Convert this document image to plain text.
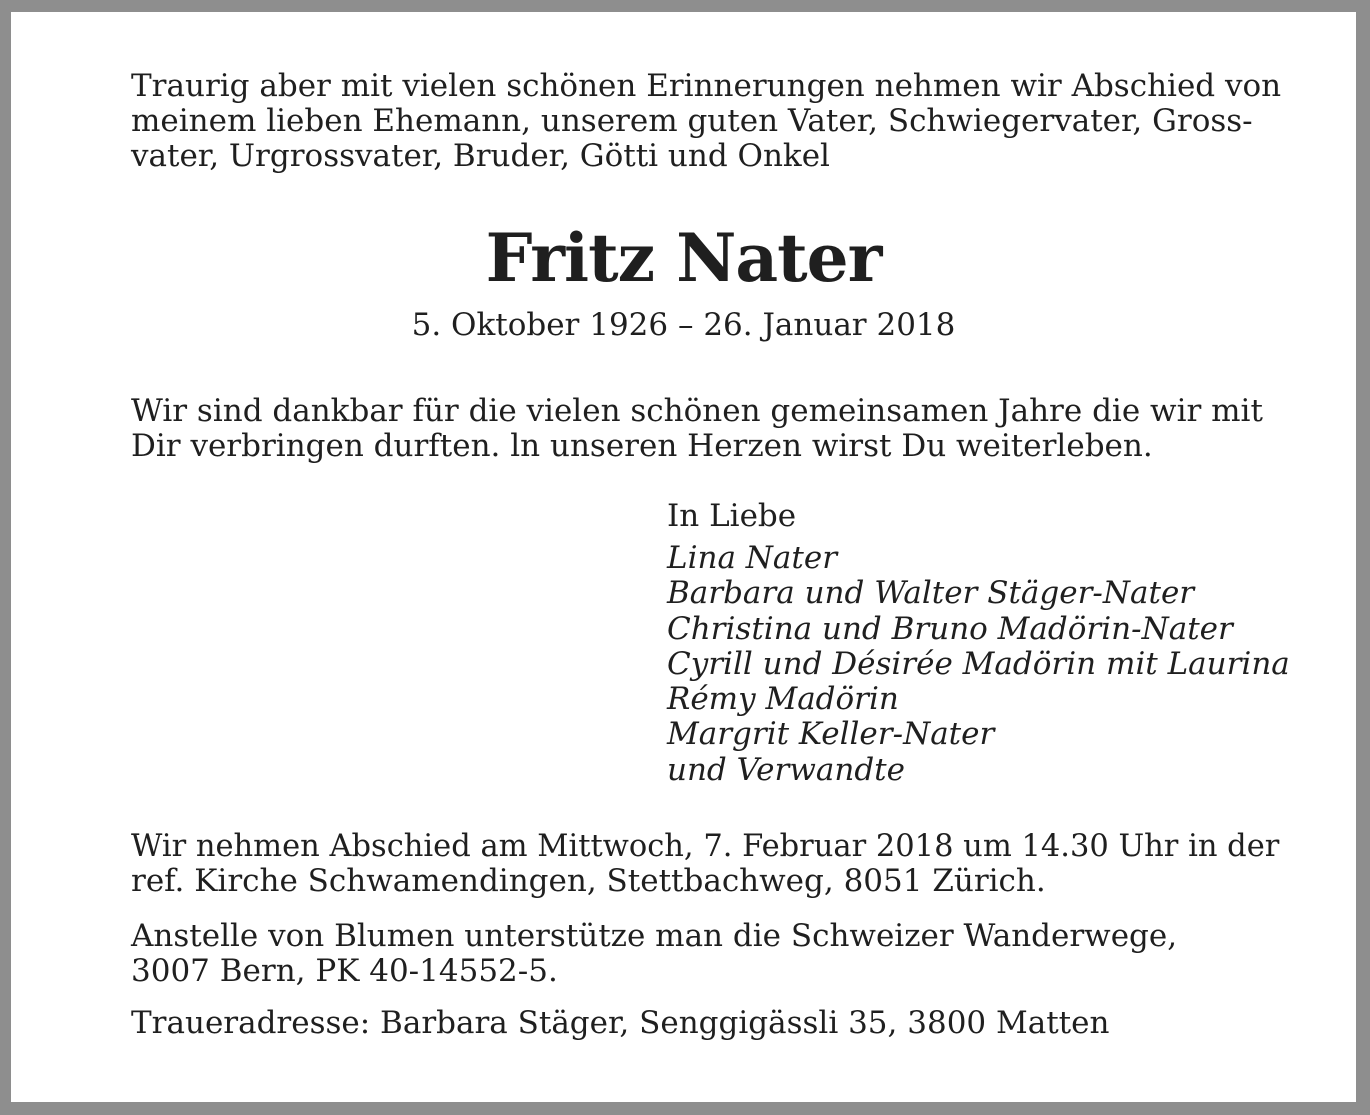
Traurig aber mit vielen schönen Erinnerungen nehmen wir Abschied von
meinem lieben Ehemann, unserem guten Vater, Schwiegervater, Gross-
vater, Urgrossvater, Bruder, Götti und Onkel

Fritz Nater

5. Oktober 1926 – 26. Januar 2018

Wir sind dankbar für die vielen schönen gemeinsamen Jahre die wir mit
Dir verbringen durften. ln unseren Herzen wirst Du weiterleben.

In Liebe

Lina Nater
Barbara und Walter Stäger-Nater
Christina und Bruno Madörin-Nater
Cyrill und Désirée Madörin mit Laurina
Rémy Madörin
Margrit Keller-Nater
und Verwandte

Wir nehmen Abschied am Mittwoch, 7. Februar 2018 um 14.30 Uhr in der
ref. Kirche Schwamendingen, Stettbachweg, 8051 Zürich.

Anstelle von Blumen unterstütze man die Schweizer Wanderwege,
3007 Bern, PK 40-14552-5.

Traueradresse: Barbara Stäger, Senggigässli 35, 3800 Matten
